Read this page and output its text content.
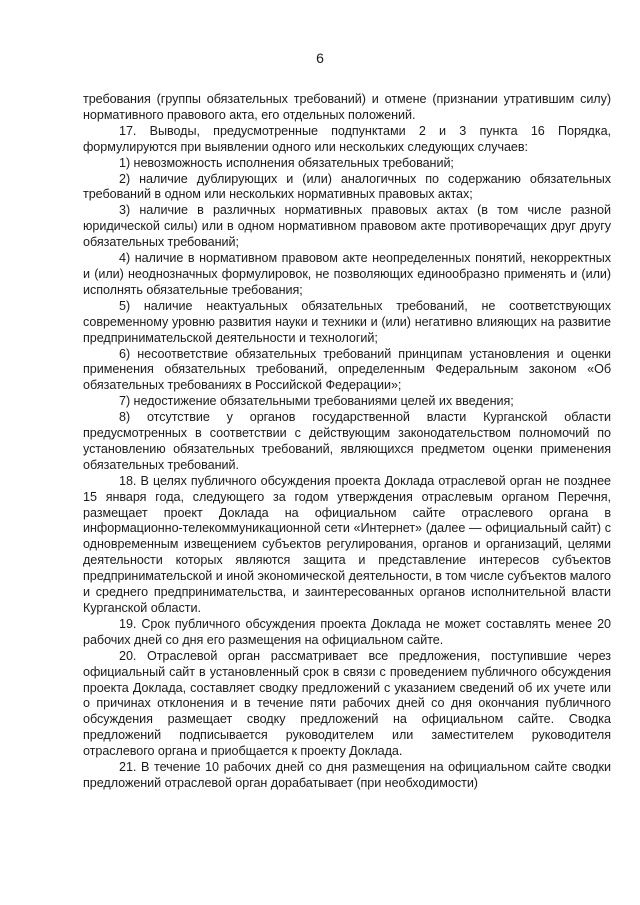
6

требования (группы обязательных требований) и отмене (признании утратившим силу) нормативного правового акта, его отдельных положений.

17. Выводы, предусмотренные подпунктами 2 и 3 пункта 16 Порядка, формулируются при выявлении одного или нескольких следующих случаев:

1) невозможность исполнения обязательных требований;

2) наличие дублирующих и (или) аналогичных по содержанию обязательных требований в одном или нескольких нормативных правовых актах;

3) наличие в различных нормативных правовых актах (в том числе разной юридической силы) или в одном нормативном правовом акте противоречащих друг другу обязательных требований;

4) наличие в нормативном правовом акте неопределенных понятий, некорректных и (или) неоднозначных формулировок, не позволяющих единообразно применять и (или) исполнять обязательные требования;

5) наличие неактуальных обязательных требований, не соответствующих современному уровню развития науки и техники и (или) негативно влияющих на развитие предпринимательской деятельности и технологий;

6) несоответствие обязательных требований принципам установления и оценки применения обязательных требований, определенным Федеральным законом «Об обязательных требованиях в Российской Федерации»;

7) недостижение обязательными требованиями целей их введения;

8) отсутствие у органов государственной власти Курганской области предусмотренных в соответствии с действующим законодательством полномочий по установлению обязательных требований, являющихся предметом оценки применения обязательных требований.

18. В целях публичного обсуждения проекта Доклада отраслевой орган не позднее 15 января года, следующего за годом утверждения отраслевым органом Перечня, размещает проект Доклада на официальном сайте отраслевого органа в информационно-телекоммуникационной сети «Интернет» (далее — официальный сайт) с одновременным извещением субъектов регулирования, органов и организаций, целями деятельности которых являются защита и представление интересов субъектов предпринимательской и иной экономической деятельности, в том числе субъектов малого и среднего предпринимательства, и заинтересованных органов исполнительной власти Курганской области.

19. Срок публичного обсуждения проекта Доклада не может составлять менее 20 рабочих дней со дня его размещения на официальном сайте.

20. Отраслевой орган рассматривает все предложения, поступившие через официальный сайт в установленный срок в связи с проведением публичного обсуждения проекта Доклада, составляет сводку предложений с указанием сведений об их учете или о причинах отклонения и в течение пяти рабочих дней со дня окончания публичного обсуждения размещает сводку предложений на официальном сайте. Сводка предложений подписывается руководителем или заместителем руководителя отраслевого органа и приобщается к проекту Доклада.

21. В течение 10 рабочих дней со дня размещения на официальном сайте сводки предложений отраслевой орган дорабатывает (при необходимости)
